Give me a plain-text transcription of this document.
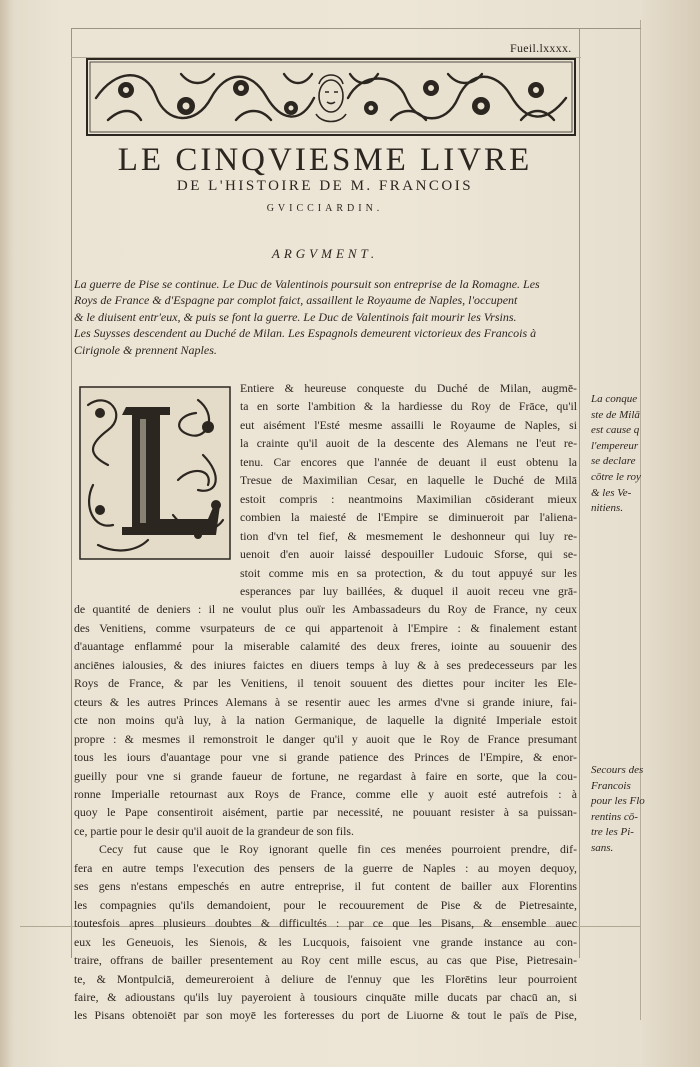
Fueil.lxxxx.
LE CINQVIESME LIVRE
DE L'HISTOIRE DE M. FRANCOIS
GVICCIARDIN.
ARGVMENT.
La guerre de Pise se continue. Le Duc de Valentinois poursuit son entreprise de la Romagne. Les
Roys de France & d'Espagne par complot faict, assaillent le Royaume de Naples, l'occupent
& le diuisent entr'eux, & puis se font la guerre. Le Duc de Valentinois fait mourir les Vrsins.
Les Suysses descendent au Duché de Milan. Les Espagnols demeurent victorieux des Francois à
Cirignole & prennent Naples.
Entiere & heureuse conqueste du Duché de Milan, augmē-
ta en sorte l'ambition & la hardiesse du Roy de Frāce, qu'il
eut aisément l'Esté mesme assailli le Royaume de Naples, si
la crainte qu'il auoit de la descente des Alemans ne l'eut re-
tenu. Car encores que l'année de deuant il eust obtenu la
Tresue de Maximilian Cesar, en laquelle le Duché de Milā
estoit compris : neantmoins Maximilian cōsiderant mieux
combien la maiesté de l'Empire se diminueroit par l'aliena-
tion d'vn tel fief, & mesmement le deshonneur qui luy re-
uenoit d'en auoir laissé despouiller Ludouic Sforse, qui se-
stoit comme mis en sa protection, & du tout appuyé sur les
esperances par luy baillées, & duquel il auoit receu vne grā-
de quantité de deniers : il ne voulut plus ouïr les Ambassadeurs du Roy de France, ny ceux
des Venitiens, comme vsurpateurs de ce qui appartenoit à l'Empire : & finalement estant
d'auantage enflammé pour la miserable calamité des deux freres, iointe au souuenir des
anciēnes ialousies, & des iniures faictes en diuers temps à luy & à ses predecesseurs par les
Roys de France, & par les Venitiens, il tenoit souuent des diettes pour inciter les Ele-
cteurs & les autres Princes Alemans à se resentir auec les armes d'vne si grande iniure, fai-
cte non moins qu'à luy, à la nation Germanique, de laquelle la dignité Imperiale estoit
propre : & mesmes il remonstroit le danger qu'il y auoit que le Roy de France presumant
tous les iours d'auantage pour vne si grande patience des Princes de l'Empire, & enor-
gueilly pour vne si grande faueur de fortune, ne regardast à faire en sorte, que la cou-
ronne Imperialle retournast aux Roys de France, comme elle y auoit esté autrefois : à
quoy le Pape consentiroit aisément, partie par necessité, ne pouuant resister à sa puissan-
ce, partie pour le desir qu'il auoit de la grandeur de son fils.
Cecy fut cause que le Roy ignorant quelle fin ces menées pourroient prendre, dif-
fera en autre temps l'execution des pensers de la guerre de Naples : au moyen dequoy,
ses gens n'estans empeschés en autre entreprise, il fut content de bailler aux Florentins
les compagnies qu'ils demandoient, pour le recouurement de Pise & de Pietresainte,
toutesfois apres plusieurs doubtes & difficultés : par ce que les Pisans, & ensemble auec
eux les Geneuois, les Sienois, & les Lucquois, faisoient vne grande instance au con-
traire, offrans de bailler presentement au Roy cent mille escus, au cas que Pise, Pietresain-
te, & Montpulciā, demeureroient à deliure de l'ennuy que les Florētins leur pourroient
faire, & adioustans qu'ils luy payeroient à tousiours cinquāte mille ducats par chacū an, si
les Pisans obtenoiēt par son moyē les forteresses du port de Liuorne & tout le païs de Pise,
La conque
ste de Milā
est cause q
l'empereur
se declare
cōtre le roy
& les Ve-
nitiens.
Secours des
Francois
pour les Flo
rentins cō-
tre les Pi-
sans.
